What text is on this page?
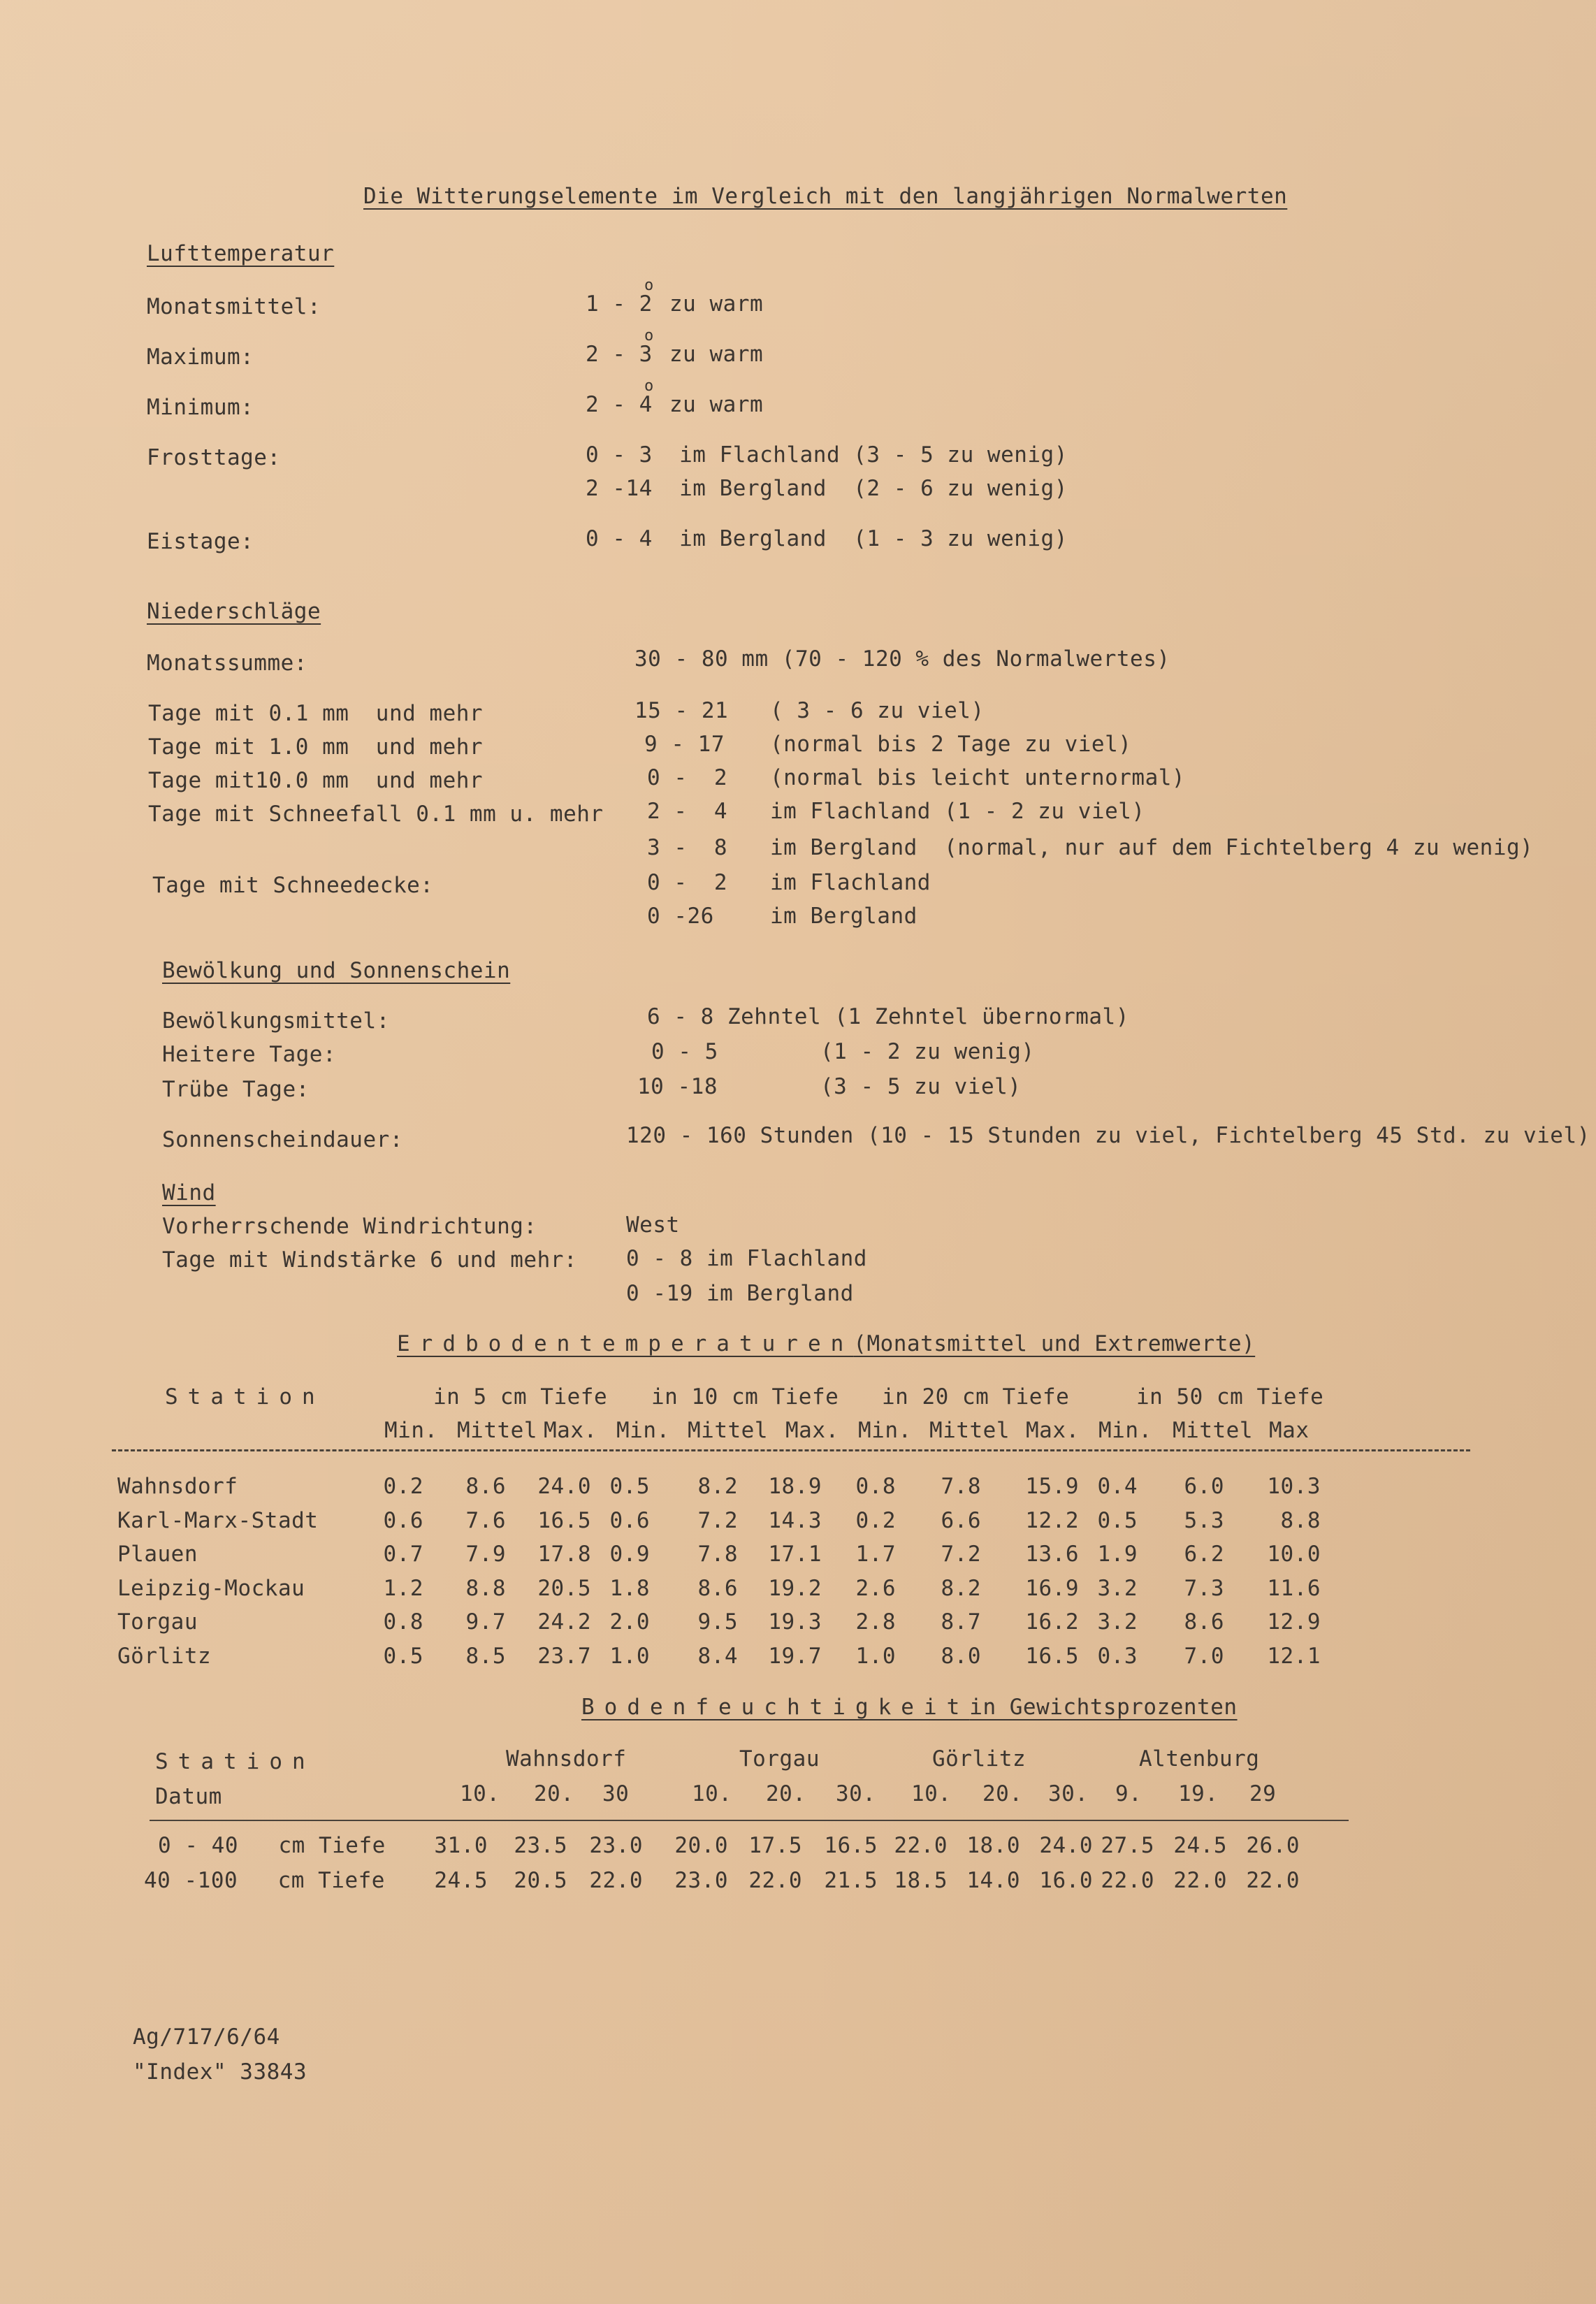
Die Witterungselemente im Vergleich mit den langjährigen Normalwerten
Lufttemperatur
Monatsmittel:	1 - 2
o
zu warm
Maximum:	2 - 3
o
zu warm
Minimum:	2 - 4
o
zu warm
Frosttage:	0 - 3  im Flachland (3 - 5 zu wenig)
2 -14  im Bergland  (2 - 6 zu wenig)
Eistage:	0 - 4  im Bergland  (1 - 3 zu wenig)
Niederschläge
Monatssumme:	30 - 80 mm (70 - 120 % des Normalwertes)
Tage mit 0.1 mm  und mehr	15 - 21 ( 3 - 6 zu viel)
Tage mit 1.0 mm  und mehr	9 - 17 (normal bis 2 Tage zu viel)
Tage mit10.0 mm  und mehr	0 -  2 (normal bis leicht unternormal)
Tage mit Schneefall 0.1 mm u. mehr 2 -  4 im Flachland (1 - 2 zu viel)
3 -  8 im Bergland  (normal, nur auf dem Fichtelberg 4 zu wenig)
Tage mit Schneedecke:	0 -  2 im Flachland
0 -26	im Bergland
Bewölkung und Sonnenschein
Bewölkungsmittel:	6 - 8 Zehntel (1 Zehntel übernormal)
Heitere Tage:	0 - 5	(1 - 2 zu wenig)
Trübe Tage:	10 -18	(3 - 5 zu viel)
Sonnenscheindauer:	120 - 160 Stunden (10 - 15 Stunden zu viel, Fichtelberg 45 Std. zu viel)
Wind
Vorherrschende Windrichtung:	West
Tage mit Windstärke 6 und mehr: 0 - 8 im Flachland
0 -19 im Bergland
Erdbodentemperaturen(Monatsmittel und Extremwerte)
Station	in 5 cm Tiefe in 10 cm Tiefe in 20 cm Tiefe	in 50 cm Tiefe
Min. Mittel Max. Min. Mittel Max. Min. Mittel Max. Min. Mittel Max
Wahnsdorf	0.2	8.6	24.0 0.5	8.2	18.9	0.8	7.8	15.9 0.4	6.0	10.3
Karl-Marx-Stadt	0.6	7.6	16.5 0.6	7.2	14.3	0.2	6.6	12.2 0.5	5.3	8.8
Plauen	0.7	7.9	17.8 0.9	7.8	17.1	1.7	7.2	13.6 1.9	6.2	10.0
Leipzig-Mockau	1.2	8.8	20.5 1.8	8.6	19.2	2.6	8.2	16.9 3.2	7.3	11.6
Torgau	0.8	9.7	24.2 2.0	9.5	19.3	2.8	8.7	16.2 3.2	8.6	12.9
Görlitz	0.5	8.5	23.7 1.0	8.4	19.7	1.0	8.0	16.5 0.3	7.0	12.1
Bodenfeuchtigkeitin Gewichtsprozenten
Station
Datum
Wahnsdorf	Torgau	Görlitz	Altenburg
10. 20. 30	10. 20. 30. 10. 20. 30. 9. 19. 29
0 - 40   cm Tiefe	31.0	23.5	23.0	20.0 17.5	16.5 22.0 18.0 24.0 27.5 24.5 26.0
40 -100   cm Tiefe	24.5	20.5	22.0	23.0 22.0	21.5 18.5 14.0 16.0 22.0 22.0 22.0
Ag/717/6/64
"Index" 33843
